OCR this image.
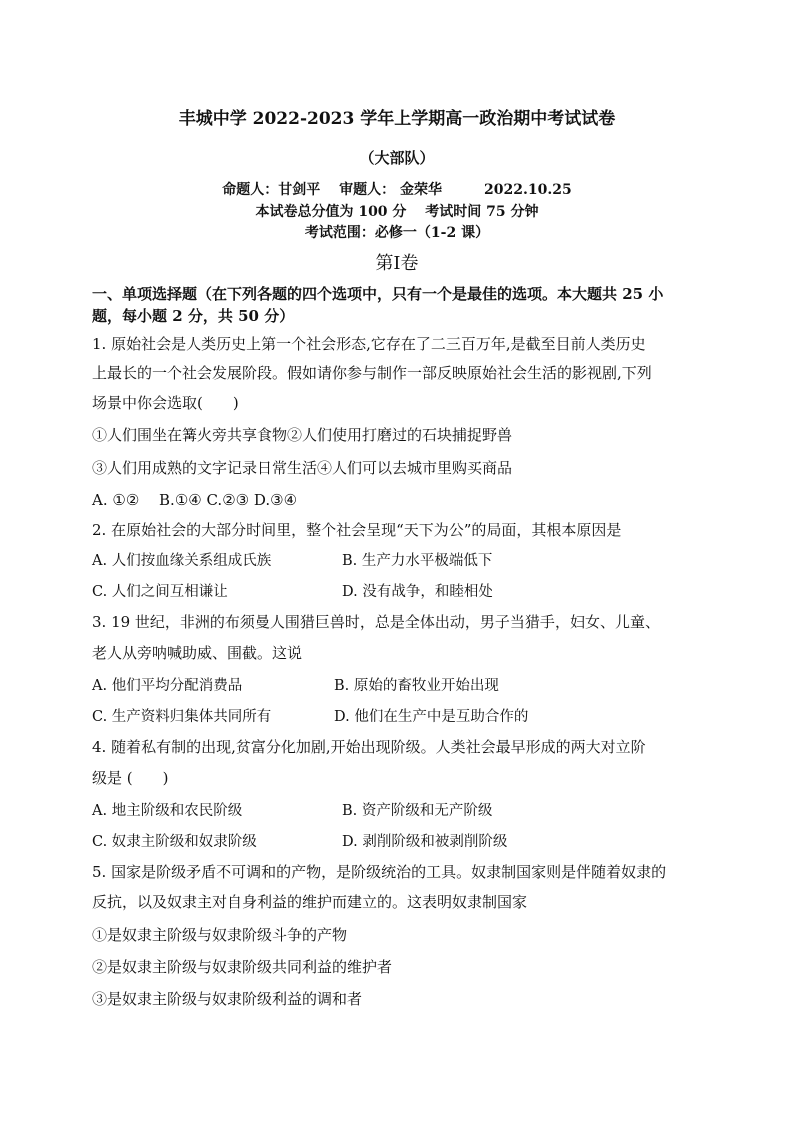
丰城中学 2022-2023 学年上学期高一政治期中考试试卷
（大部队）
命题人：甘剑平　 审题人： 金荣华　　　2022.10.25
本试卷总分值为 100 分　 考试时间 75 分钟
考试范围：必修一（1-2 课）
第Ⅰ卷
一、单项选择题（在下列各题的四个选项中，只有一个是最佳的选项。本大题共 25 小
题，每小题 2 分，共 50 分）
1. 原始社会是人类历史上第一个社会形态,它存在了二三百万年,是截至目前人类历史
上最长的一个社会发展阶段。假如请你参与制作一部反映原始社会生活的影视剧,下列
场景中你会选取(　　)
①人们围坐在篝火旁共享食物②人们使用打磨过的石块捕捉野兽
③人们用成熟的文字记录日常生活④人们可以去城市里购买商品
A. ①②　 B.①④ C.②③ D.③④
2. 在原始社会的大部分时间里，整个社会呈现“天下为公”的局面，其根本原因是
A. 人们按血缘关系组成氏族	B. 生产力水平极端低下
C. 人们之间互相谦让	D. 没有战争，和睦相处
3. 19 世纪，非洲的布须曼人围猎巨兽时，总是全体出动，男子当猎手，妇女、儿童、
老人从旁呐喊助威、围截。这说
A. 他们平均分配消费品	B. 原始的畜牧业开始出现
C. 生产资料归集体共同所有	D. 他们在生产中是互助合作的
4. 随着私有制的出现,贫富分化加剧,开始出现阶级。人类社会最早形成的两大对立阶
级是 (　　)
A. 地主阶级和农民阶级	B. 资产阶级和无产阶级
C. 奴隶主阶级和奴隶阶级	D. 剥削阶级和被剥削阶级
5. 国家是阶级矛盾不可调和的产物，是阶级统治的工具。奴隶制国家则是伴随着奴隶的
反抗，以及奴隶主对自身利益的维护而建立的。这表明奴隶制国家
①是奴隶主阶级与奴隶阶级斗争的产物
②是奴隶主阶级与奴隶阶级共同利益的维护者
③是奴隶主阶级与奴隶阶级利益的调和者
